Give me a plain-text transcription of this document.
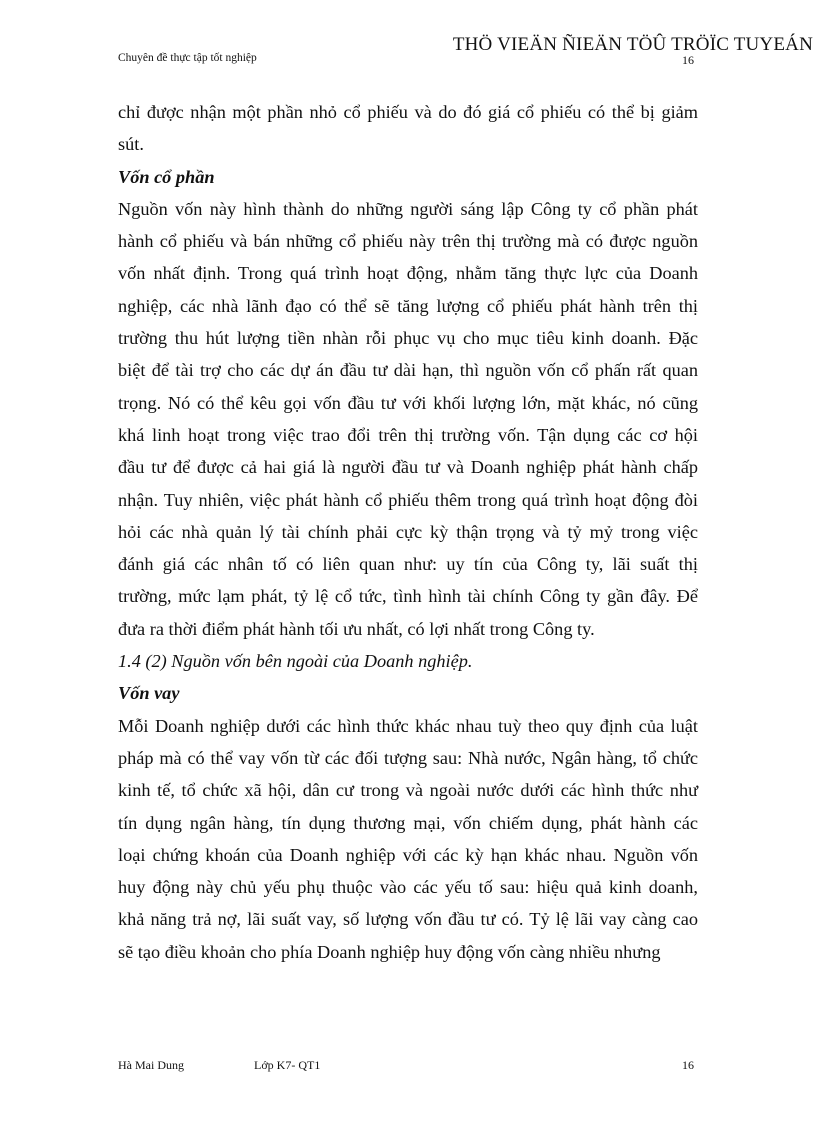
Chuyên đề thực tập tốt nghiệp
THÖ VIEÄN ÑIEÄN TÖÛ TRÖÏC TUYEÁN
16
chỉ được nhận một phần nhỏ cổ phiếu và do đó giá cổ phiếu có thể bị giảm
sút.
Vốn cổ phần
Nguồn vốn này hình thành do những người sáng lập Công ty cổ phần phát
hành cổ phiếu và bán những cổ phiếu này trên thị trường mà có được nguồn
vốn nhất định. Trong quá trình hoạt động, nhằm tăng thực lực của Doanh
nghiệp, các nhà lãnh đạo có thể sẽ tăng lượng cổ phiếu phát hành trên thị
trường thu hút lượng tiền nhàn rỗi phục vụ cho mục tiêu kinh doanh. Đặc
biệt để tài trợ cho các dự án đầu tư dài hạn, thì nguồn vốn cổ phấn rất quan
trọng. Nó có thể kêu gọi vốn đầu tư với khối lượng lớn, mặt khác, nó cũng
khá linh hoạt trong việc trao đổi trên thị trường vốn. Tận dụng các cơ hội
đầu tư để được cả hai giá là người đầu tư và Doanh nghiệp phát hành chấp
nhận. Tuy nhiên, việc phát hành cổ phiếu thêm trong quá trình hoạt động đòi
hỏi các nhà quản lý tài chính phải cực kỳ thận trọng và tỷ mỷ trong việc
đánh giá các nhân tố có liên quan như: uy tín của Công ty, lãi suất thị
trường, mức lạm phát, tỷ lệ cổ tức, tình hình tài chính Công ty gần đây. Để
đưa ra thời điểm phát hành tối ưu nhất, có lợi nhất trong Công ty.
1.4 (2) Nguồn vốn bên ngoài của Doanh nghiệp.
Vốn vay
Mỗi Doanh nghiệp dưới các hình thức khác nhau tuỳ theo quy định của luật
pháp mà có thể vay vốn từ các đối tượng sau: Nhà nước, Ngân hàng, tổ chức
kinh tế, tổ chức xã hội, dân cư trong và ngoài nước dưới các hình thức như
tín dụng ngân hàng, tín dụng thương mại, vốn chiếm dụng, phát hành các
loại chứng khoán của Doanh nghiệp với các kỳ hạn khác nhau. Nguồn vốn
huy động này chủ yếu phụ thuộc vào các yếu tố sau: hiệu quả kinh doanh,
khả năng trả nợ, lãi suất vay, số lượng vốn đầu tư có. Tỷ lệ lãi vay càng cao
sẽ tạo điều khoản cho phía Doanh nghiệp huy động vốn càng nhiều nhưng
Hà Mai Dung	Lớp K7- QT1	16
